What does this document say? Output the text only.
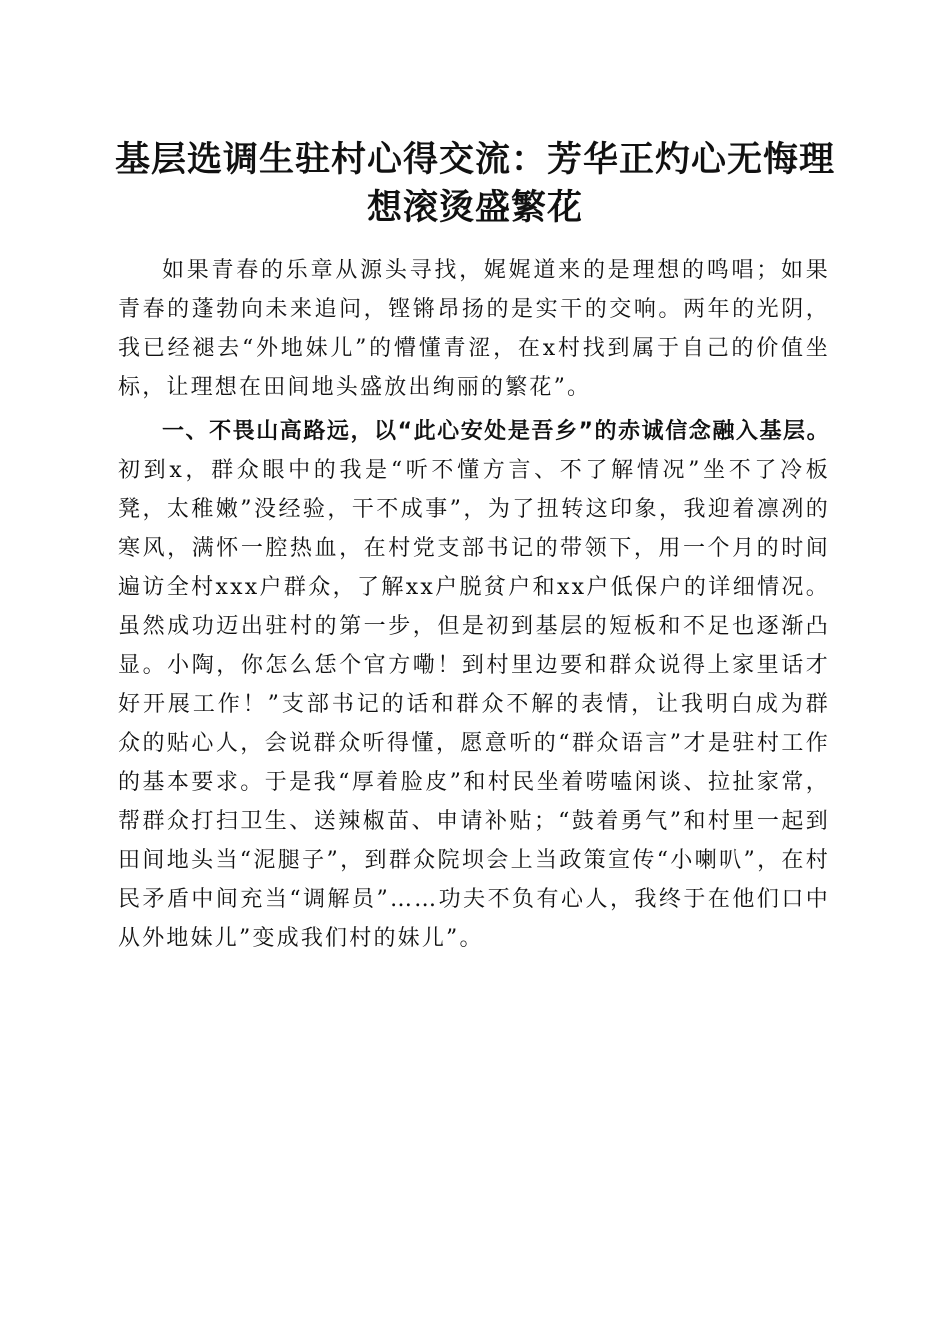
基层选调生驻村心得交流：芳华正灼心无悔理想滚烫盛繁花

如果青春的乐章从源头寻找，娓娓道来的是理想的鸣唱；如果青春的蓬勃向未来追问，铿锵昂扬的是实干的交响。两年的光阴，我已经褪去“外地妹儿”的懵懂青涩，在x村找到属于自己的价值坐标，让理想在田间地头盛放出绚丽的繁花”。

一、不畏山高路远，以“此心安处是吾乡”的赤诚信念融入基层。初到x，群众眼中的我是“听不懂方言、不了解情况”坐不了冷板凳，太稚嫩”没经验，干不成事”，为了扭转这印象，我迎着凛冽的寒风，满怀一腔热血，在村党支部书记的带领下，用一个月的时间遍访全村xxx户群众，了解xx户脱贫户和xx户低保户的详细情况。虽然成功迈出驻村的第一步，但是初到基层的短板和不足也逐渐凸显。小陶，你怎么恁个官方嘞！到村里边要和群众说得上家里话才好开展工作！”支部书记的话和群众不解的表情，让我明白成为群众的贴心人，会说群众听得懂，愿意听的“群众语言”才是驻村工作的基本要求。于是我“厚着脸皮”和村民坐着唠嗑闲谈、拉扯家常，帮群众打扫卫生、送辣椒苗、申请补贴；“鼓着勇气”和村里一起到田间地头当“泥腿子”，到群众院坝会上当政策宣传“小喇叭”，在村民矛盾中间充当“调解员”……功夫不负有心人，我终于在他们口中从外地妹儿”变成我们村的妹儿”。
